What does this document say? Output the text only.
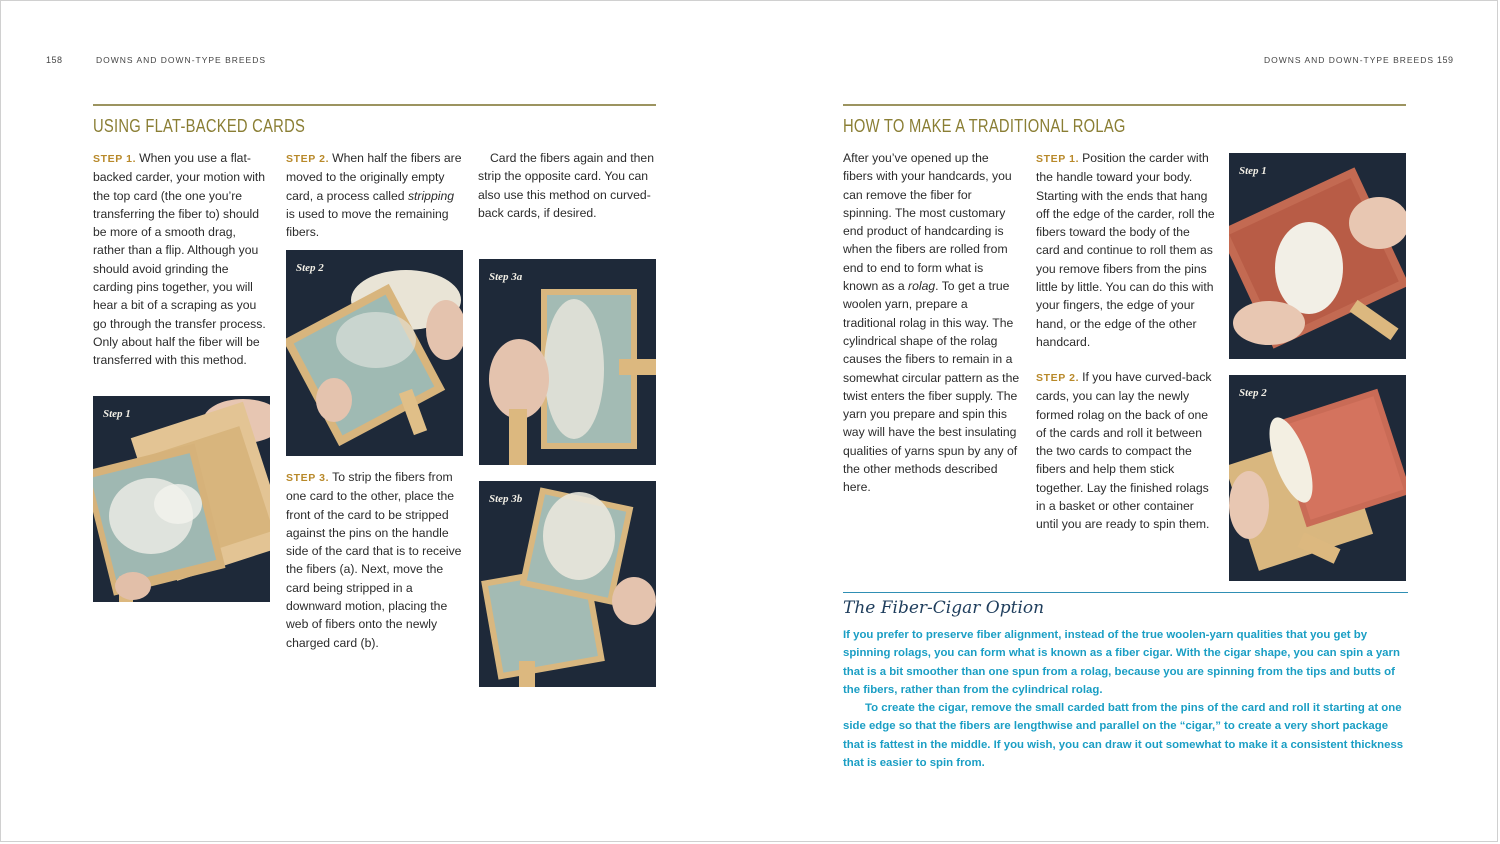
158	DOWNS AND DOWN-TYPE BREEDS
USING FLAT-BACKED CARDS

STEP 1. When you use a flat-backed carder, your motion with the top card (the one you’re transferring the fiber to) should be more of a smooth drag, rather than a flip. Although you should avoid grinding the carding pins together, you will hear a bit of a scraping as you go through the transfer process. Only about half the fiber will be transferred with this method.

STEP 2. When half the fibers are moved to the originally empty card, a process called stripping is used to move the remaining fibers.

STEP 3. To strip the fibers from one card to the other, place the front of the card to be stripped against the pins on the handle side of the card that is to receive the fibers (a). Next, move the card being stripped in a downward motion, placing the web of fibers onto the newly charged card (b).

Card the fibers again and then strip the opposite card. You can also use this method on curved-back cards, if desired.

Step 1
Step 2
Step 3a
Step 3b
DOWNS AND DOWN-TYPE BREEDS 159
HOW TO MAKE A TRADITIONAL ROLAG

After you’ve opened up the fibers with your handcards, you can remove the fiber for spinning. The most customary end product of handcarding is when the fibers are rolled from end to end to form what is known as a rolag. To get a true woolen yarn, prepare a traditional rolag in this way. The cylindrical shape of the rolag causes the fibers to remain in a somewhat circular pattern as the twist enters the fiber supply. The yarn you prepare and spin this way will have the best insulating qualities of yarns spun by any of the other methods described here.

STEP 1. Position the carder with the handle toward your body. Starting with the ends that hang off the edge of the carder, roll the fibers toward the body of the card and continue to roll them as you remove fibers from the pins little by little. You can do this with your fingers, the edge of your hand, or the edge of the other handcard.

STEP 2. If you have curved-back cards, you can lay the newly formed rolag on the back of one of the cards and roll it between the two cards to compact the fibers and help them stick together. Lay the finished rolags in a basket or other container until you are ready to spin them.

Step 1
Step 2
The Fiber-Cigar Option

If you prefer to preserve fiber alignment, instead of the true woolen-yarn qualities that you get by spinning rolags, you can form what is known as a fiber cigar. With the cigar shape, you can spin a yarn that is a bit smoother than one spun from a rolag, because you are spinning from the tips and butts of the fibers, rather than from the cylindrical rolag.

To create the cigar, remove the small carded batt from the pins of the card and roll it starting at one side edge so that the fibers are lengthwise and parallel on the “cigar,” to create a very short package that is fattest in the middle. If you wish, you can draw it out somewhat to make it a consistent thickness that is easier to spin from.
